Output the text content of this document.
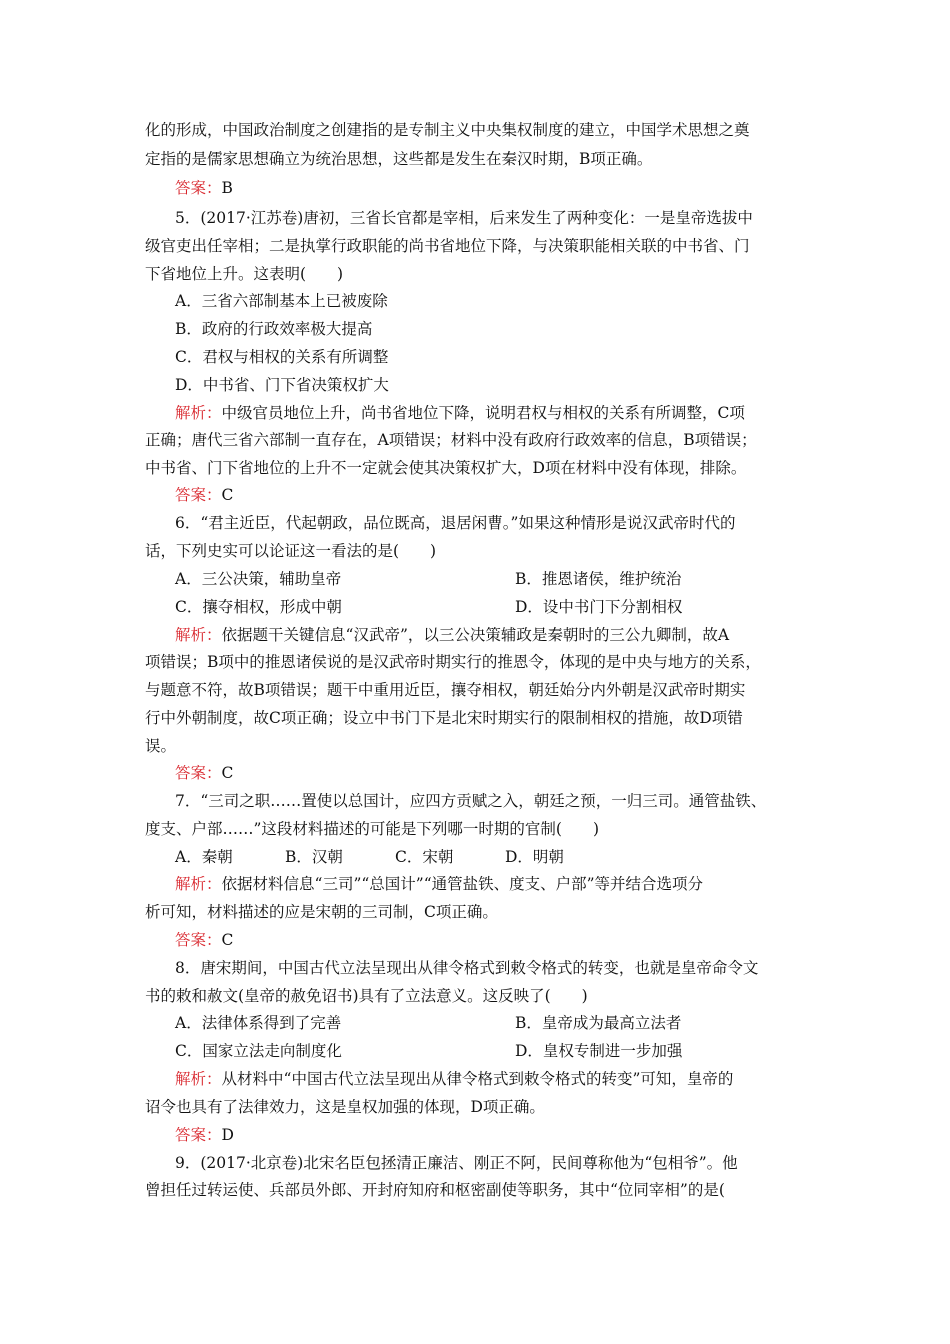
化的形成，中国政治制度之创建指的是专制主义中央集权制度的建立，中国学术思想之奠
定指的是儒家思想确立为统治思想，这些都是发生在秦汉时期，B项正确。
答案：B
5．(2017·江苏卷)唐初，三省长官都是宰相，后来发生了两种变化：一是皇帝选拔中
级官吏出任宰相；二是执掌行政职能的尚书省地位下降，与决策职能相关联的中书省、门
下省地位上升。这表明(　　)
A．三省六部制基本上已被废除
B．政府的行政效率极大提高
C．君权与相权的关系有所调整
D．中书省、门下省决策权扩大
解析：中级官员地位上升，尚书省地位下降，说明君权与相权的关系有所调整，C项
正确；唐代三省六部制一直存在，A项错误；材料中没有政府行政效率的信息，B项错误；
中书省、门下省地位的上升不一定就会使其决策权扩大，D项在材料中没有体现，排除。
答案：C
6．“君主近臣，代起朝政，品位既高，退居闲曹。”如果这种情形是说汉武帝时代的
话，下列史实可以论证这一看法的是(　　)
A．三公决策，辅助皇帝	B．推恩诸侯，维护统治
C．攘夺相权，形成中朝	D．设中书门下分割相权
解析：依据题干关键信息“汉武帝”，以三公决策辅政是秦朝时的三公九卿制，故A
项错误；B项中的推恩诸侯说的是汉武帝时期实行的推恩令，体现的是中央与地方的关系，
与题意不符，故B项错误；题干中重用近臣，攘夺相权，朝廷始分内外朝是汉武帝时期实
行中外朝制度，故C项正确；设立中书门下是北宋时期实行的限制相权的措施，故D项错
误。
答案：C
7．“三司之职……置使以总国计，应四方贡赋之入，朝廷之预，一归三司。通管盐铁、
度支、户部……”这段材料描述的可能是下列哪一时期的官制(　　)
A．秦朝	B．汉朝	C．宋朝	D．明朝
解析：依据材料信息“三司”“总国计”“通管盐铁、度支、户部”等并结合选项分
析可知，材料描述的应是宋朝的三司制，C项正确。
答案：C
8．唐宋期间，中国古代立法呈现出从律令格式到敕令格式的转变，也就是皇帝命令文
书的敕和赦文(皇帝的赦免诏书)具有了立法意义。这反映了(　　)
A．法律体系得到了完善	B．皇帝成为最高立法者
C．国家立法走向制度化	D．皇权专制进一步加强
解析：从材料中“中国古代立法呈现出从律令格式到敕令格式的转变”可知，皇帝的
诏令也具有了法律效力，这是皇权加强的体现，D项正确。
答案：D
9．(2017·北京卷)北宋名臣包拯清正廉洁、刚正不阿，民间尊称他为“包相爷”。他
曾担任过转运使、兵部员外郎、开封府知府和枢密副使等职务，其中“位同宰相”的是(
